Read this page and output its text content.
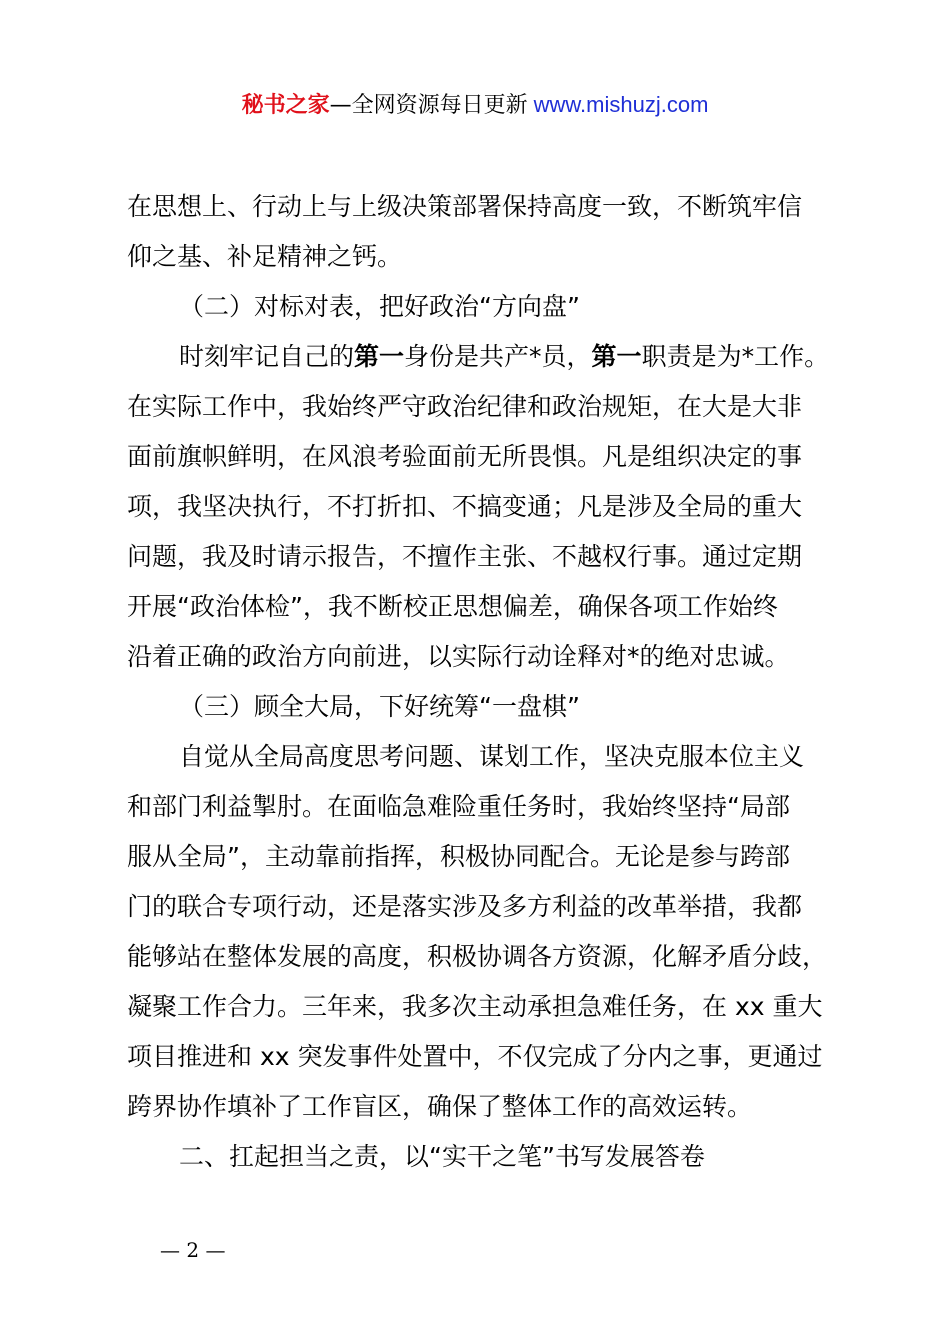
秘书之家—全网资源每日更新 www.mishuzj.com
在思想上、行动上与上级决策部署保持高度一致，不断筑牢信
仰之基、补足精神之钙。
（二）对标对表，把好政治“方向盘”
时刻牢记自己的第一身份是共产*员，第一职责是为*工作。
在实际工作中，我始终严守政治纪律和政治规矩，在大是大非
面前旗帜鲜明，在风浪考验面前无所畏惧。凡是组织决定的事
项，我坚决执行，不打折扣、不搞变通；凡是涉及全局的重大
问题，我及时请示报告，不擅作主张、不越权行事。通过定期
开展“政治体检”，我不断校正思想偏差，确保各项工作始终
沿着正确的政治方向前进，以实际行动诠释对*的绝对忠诚。
（三）顾全大局，下好统筹“一盘棋”
自觉从全局高度思考问题、谋划工作，坚决克服本位主义
和部门利益掣肘。在面临急难险重任务时，我始终坚持“局部
服从全局”，主动靠前指挥，积极协同配合。无论是参与跨部
门的联合专项行动，还是落实涉及多方利益的改革举措，我都
能够站在整体发展的高度，积极协调各方资源，化解矛盾分歧，
凝聚工作合力。三年来，我多次主动承担急难任务，在 xx 重大
项目推进和 xx 突发事件处置中，不仅完成了分内之事，更通过
跨界协作填补了工作盲区，确保了整体工作的高效运转。
二、扛起担当之责，以“实干之笔”书写发展答卷
— 2 —
